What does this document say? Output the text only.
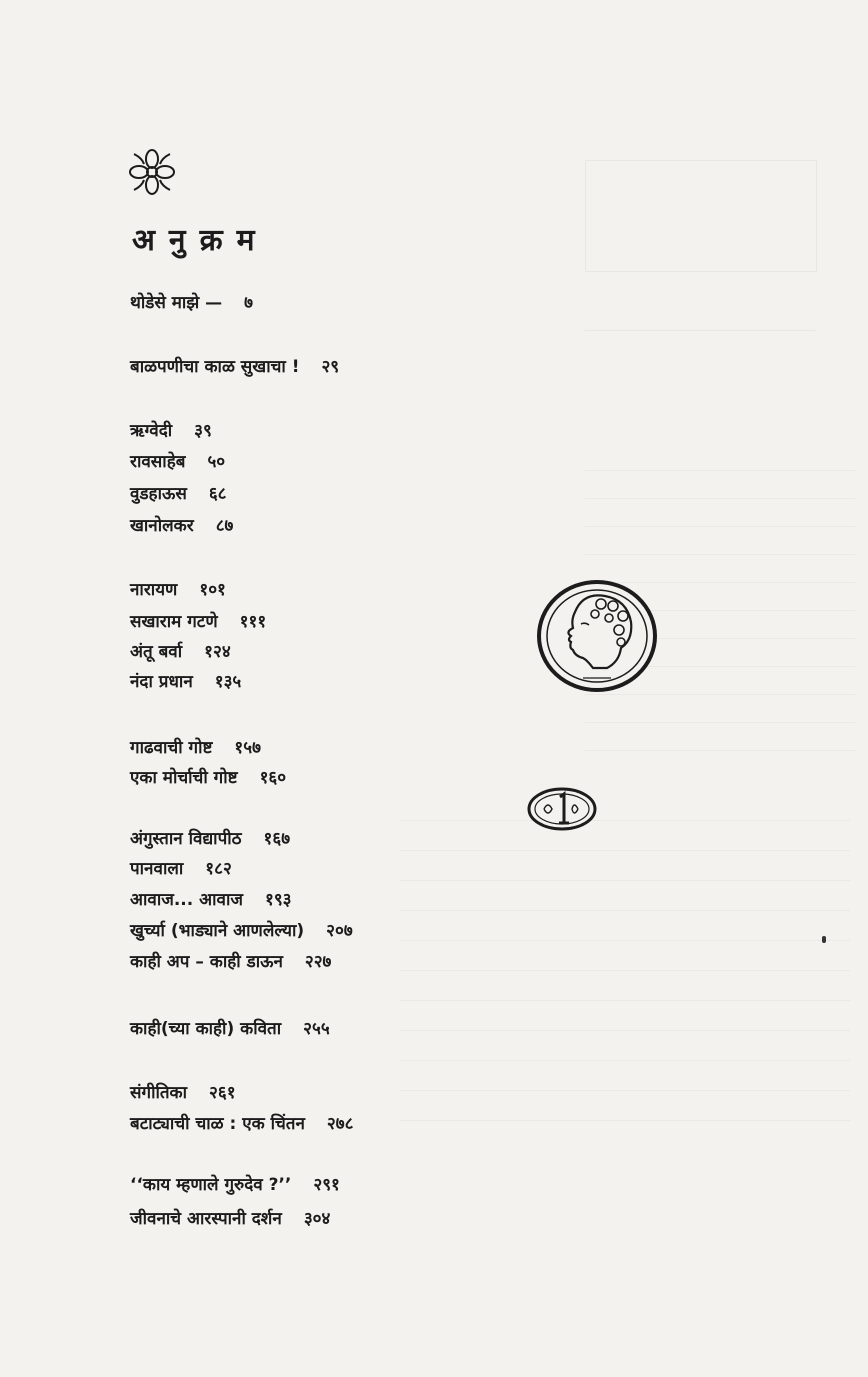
अनुक्रम
थोडेसे माझे — ७
बाळपणीचा काळ सुखाचा ! २९
ऋग्वेदी ३९
रावसाहेब ५०
वुडहाऊस ६८
खानोलकर ८७
नारायण १०१
सखाराम गटणे १११
अंतू बर्वा १२४
नंदा प्रधान १३५
गाढवाची गोष्ट १५७
एका मोर्चाची गोष्ट १६०
अंगुस्तान विद्यापीठ १६७
पानवाला १८२
आवाज... आवाज १९३
खुर्च्या (भाड्याने आणलेल्या) २०७
काही अप – काही डाऊन २२७
काही(च्या काही) कविता २५५
संगीतिका २६१
बटाट्याची चाळ : एक चिंतन २७८
‘‘काय म्हणाले गुरुदेव ?’’ २९१
जीवनाचे आरस्पानी दर्शन ३०४
